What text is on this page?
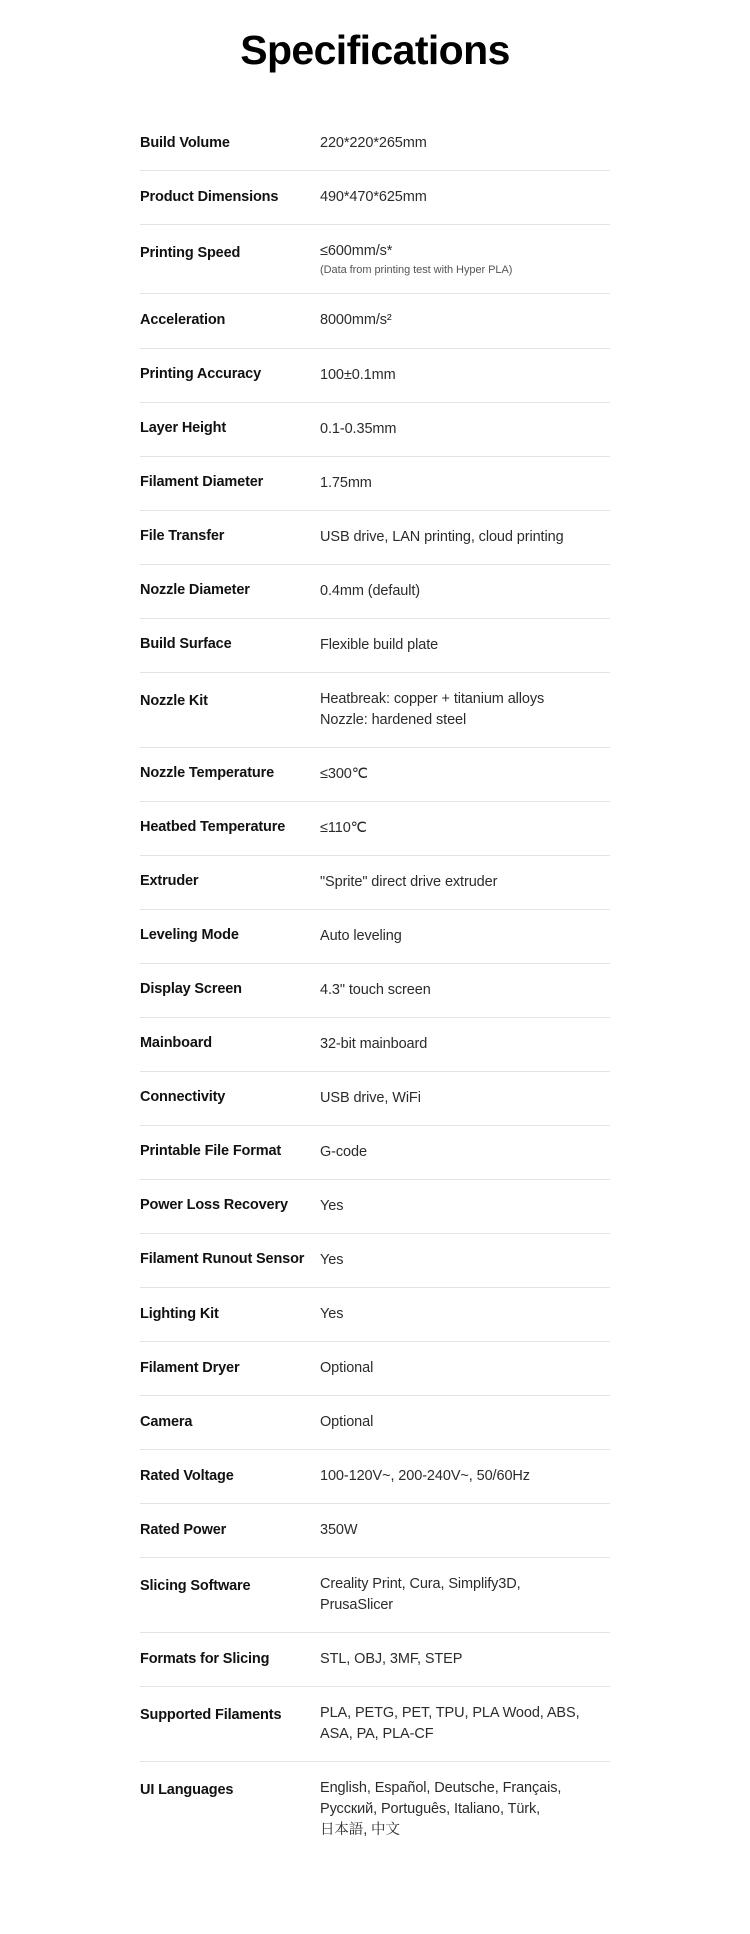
Specifications
Build Volume	220*220*265mm

Product Dimensions	490*470*625mm

Printing Speed	≤600mm/s*
(Data from printing test with Hyper PLA)

Acceleration	8000mm/s²

Printing Accuracy	100±0.1mm

Layer Height	0.1-0.35mm

Filament Diameter	1.75mm

File Transfer	USB drive, LAN printing, cloud printing

Nozzle Diameter	0.4mm (default)

Build Surface	Flexible build plate

Nozzle Kit	Heatbreak: copper + titanium alloys
Nozzle: hardened steel

Nozzle Temperature	≤300℃

Heatbed Temperature	≤110℃

Extruder	"Sprite" direct drive extruder

Leveling Mode	Auto leveling

Display Screen	4.3" touch screen

Mainboard	32-bit mainboard

Connectivity	USB drive, WiFi

Printable File Format	G-code

Power Loss Recovery	Yes

Filament Runout Sensor	Yes

Lighting Kit	Yes

Filament Dryer	Optional

Camera	Optional

Rated Voltage	100-120V~, 200-240V~, 50/60Hz

Rated Power	350W

Slicing Software	Creality Print, Cura, Simplify3D,
PrusaSlicer

Formats for Slicing	STL, OBJ, 3MF, STEP

Supported Filaments	PLA, PETG, PET, TPU, PLA Wood, ABS,
ASA, PA, PLA-CF

UI Languages	English, Español, Deutsche, Français,
Русский, Português, Italiano, Türk,
日本語, 中文
